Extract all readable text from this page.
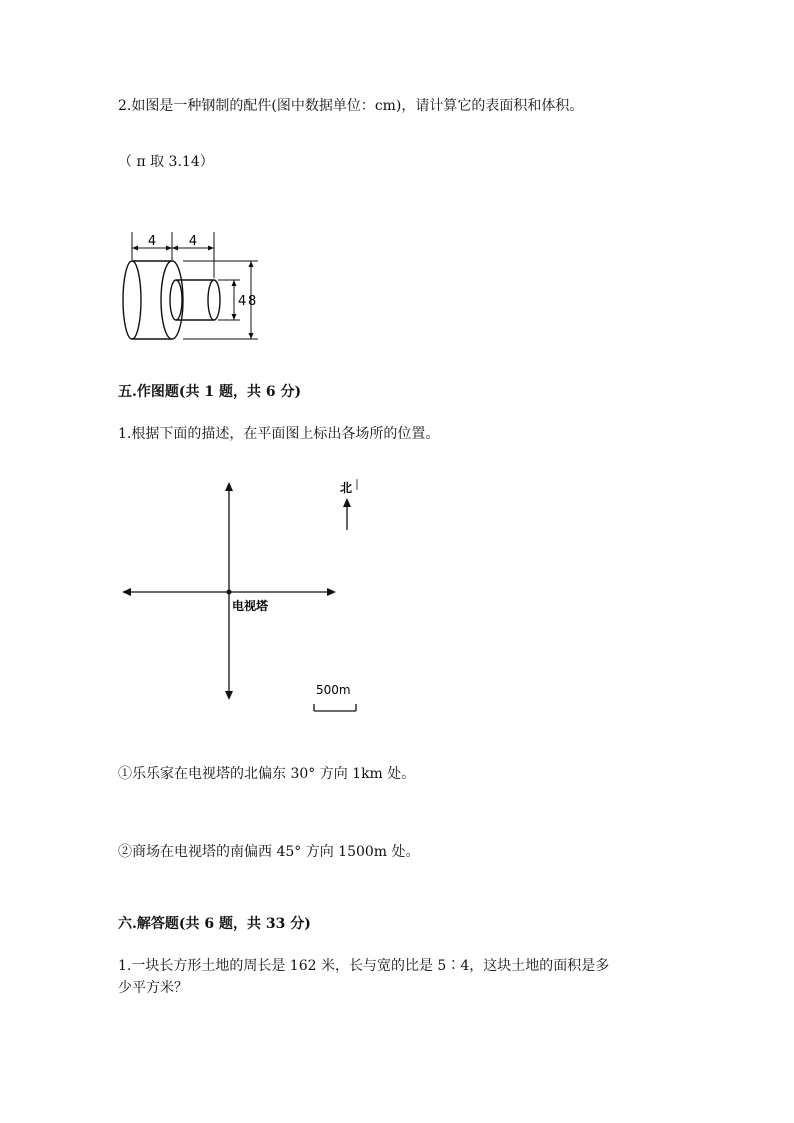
2.如图是一种钢制的配件(图中数据单位：cm)，请计算它的表面积和体积。
（ π 取 3.14）
4	4
4 8
五.作图题(共 1 题，共 6 分)
1.根据下面的描述，在平面图上标出各场所的位置。
北
电视塔
500m
①乐乐家在电视塔的北偏东 30° 方向 1km 处。
②商场在电视塔的南偏西 45° 方向 1500m 处。
六.解答题(共 6 题，共 33 分)
1.一块长方形土地的周长是 162 米，长与宽的比是 5∶4，这块土地的面积是多
少平方米？
